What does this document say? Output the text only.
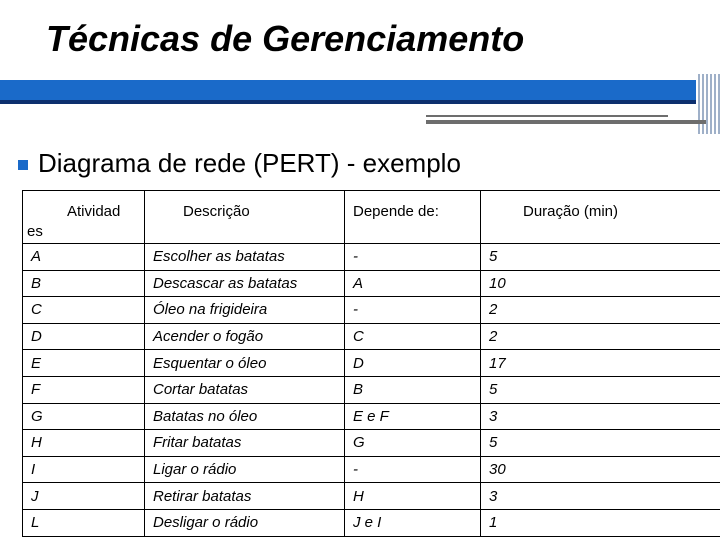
Técnicas de Gerenciamento
Diagrama de rede (PERT) - exemplo
Atividad
es	Descrição	Depende de:	Duração (min)

A	Escolher as batatas	-	5
B	Descascar as batatas	A	10
C	Óleo na frigideira	-	2
D	Acender o fogão	C	2
E	Esquentar o óleo	D	17
F	Cortar batatas	B	5
G	Batatas no óleo	E e F	3
H	Fritar batatas	G	5
I	Ligar o rádio	-	30
J	Retirar batatas	H	3
L	Desligar o rádio	J e I	1
